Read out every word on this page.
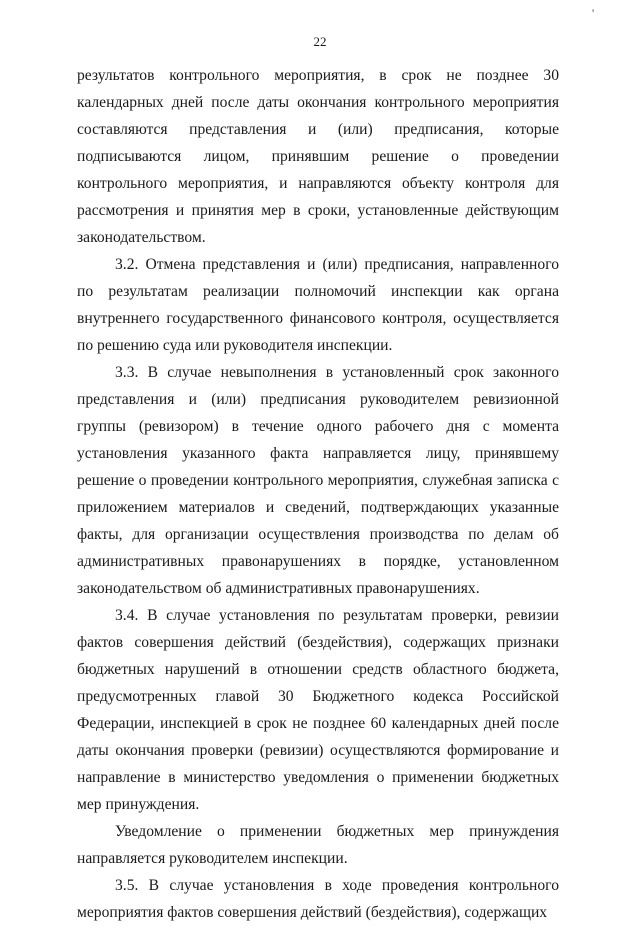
'
22

результатов контрольного мероприятия, в срок не позднее 30 календарных дней после даты окончания контрольного мероприятия составляются представления и (или) предписания, которые подписываются лицом, принявшим решение о проведении контрольного мероприятия, и направляются объекту контроля для рассмотрения и принятия мер в сроки, установленные действующим законодательством.

3.2. Отмена представления и (или) предписания, направленного по результатам реализации полномочий инспекции как органа внутреннего государственного финансового контроля, осуществляется по решению суда или руководителя инспекции.

3.3. В случае невыполнения в установленный срок законного представления и (или) предписания руководителем ревизионной группы (ревизором) в течение одного рабочего дня с момента установления указанного факта направляется лицу, принявшему решение о проведении контрольного мероприятия, служебная записка с приложением материалов и сведений, подтверждающих указанные факты, для организации осуществления производства по делам об административных правонарушениях в порядке, установленном законодательством об административных правонарушениях.

3.4. В случае установления по результатам проверки, ревизии фактов совершения действий (бездействия), содержащих признаки бюджетных нарушений в отношении средств областного бюджета, предусмотренных главой 30 Бюджетного кодекса Российской Федерации, инспекцией в срок не позднее 60 календарных дней после даты окончания проверки (ревизии) осуществляются формирование и направление в министерство уведомления о применении бюджетных мер принуждения.

Уведомление о применении бюджетных мер принуждения направляется руководителем инспекции.

3.5. В случае установления в ходе проведения контрольного мероприятия фактов совершения действий (бездействия), содержащих
